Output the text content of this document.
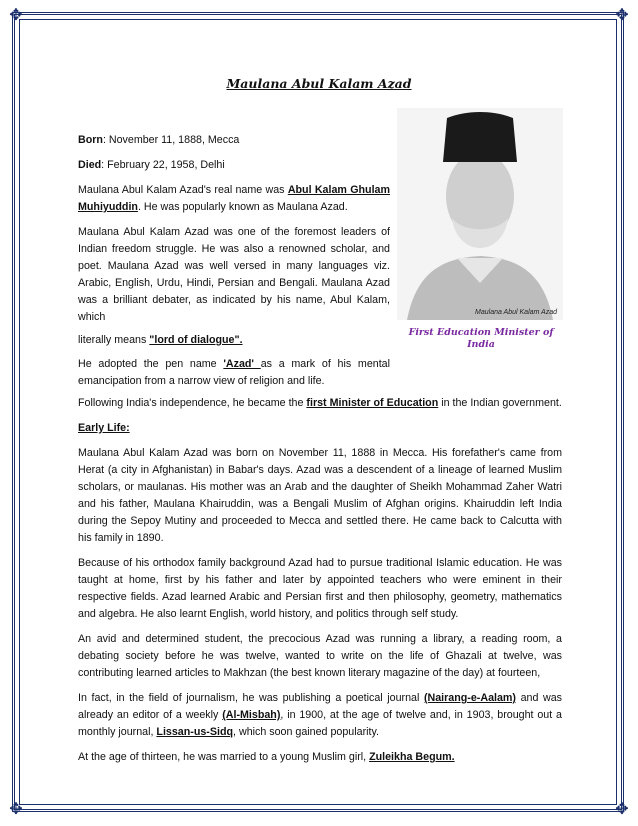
✥	✥
✥	✥
Maulana Abul Kalam Azad

Born: November 11, 1888, Mecca

Died: February 22, 1958, Delhi

Maulana Abul Kalam Azad's real name was Abul Kalam Ghulam Muhiyuddin. He was popularly known as Maulana Azad.

Maulana Abul Kalam Azad was one of the foremost leaders of Indian freedom struggle. He was also a renowned scholar, and poet. Maulana Azad was well versed in many languages viz. Arabic, English, Urdu, Hindi, Persian and Bengali. Maulana Azad was a brilliant debater, as indicated by his name, Abul Kalam, which

literally means "lord of dialogue".

He adopted the pen name 'Azad' as a mark of his mental emancipation from a narrow view of religion and life.

Maulana Abul Kalam Azad
First Education Minister of India

Following India's independence, he became the first Minister of Education in the Indian government.

Early Life:

Maulana Abul Kalam Azad was born on November 11, 1888 in Mecca. His forefather's came from Herat (a city in Afghanistan) in Babar's days. Azad was a descendent of a lineage of learned Muslim scholars, or maulanas. His mother was an Arab and the daughter of Sheikh Mohammad Zaher Watri and his father, Maulana Khairuddin, was a Bengali Muslim of Afghan origins. Khairuddin left India during the Sepoy Mutiny and proceeded to Mecca and settled there. He came back to Calcutta with his family in 1890.

Because of his orthodox family background Azad had to pursue traditional Islamic education. He was taught at home, first by his father and later by appointed teachers who were eminent in their respective fields. Azad learned Arabic and Persian first and then philosophy, geometry, mathematics and algebra. He also learnt English, world history, and politics through self study.

An avid and determined student, the precocious Azad was running a library, a reading room, a debating society before he was twelve, wanted to write on the life of Ghazali at twelve, was contributing learned articles to Makhzan (the best known literary magazine of the day) at fourteen,

In fact, in the field of journalism, he was publishing a poetical journal (Nairang-e-Aalam) and was already an editor of a weekly (Al-Misbah), in 1900, at the age of twelve and, in 1903, brought out a monthly journal, Lissan-us-Sidq, which soon gained popularity.

At the age of thirteen, he was married to a young Muslim girl, Zuleikha Begum.
